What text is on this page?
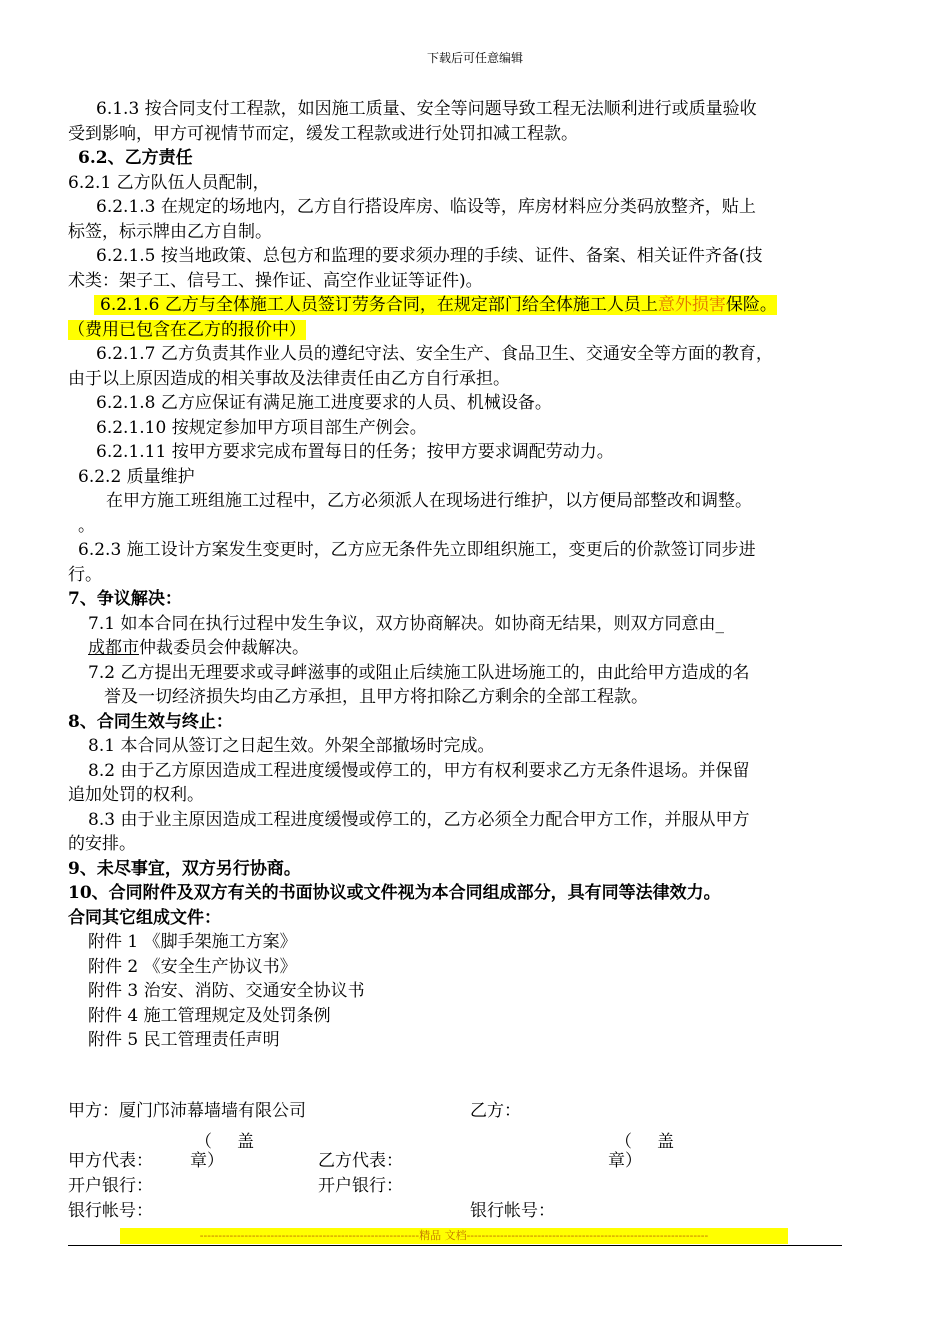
下载后可任意编辑

6.1.3 按合同支付工程款，如因施工质量、安全等问题导致工程无法顺利进行或质量验收

受到影响，甲方可视情节而定，缓发工程款或进行处罚扣减工程款。

6.2、乙方责任

6.2.1 乙方队伍人员配制，

6.2.1.3 在规定的场地内，乙方自行搭设库房、临设等，库房材料应分类码放整齐，贴上

标签，标示牌由乙方自制。

6.2.1.5 按当地政策、总包方和监理的要求须办理的手续、证件、备案、相关证件齐备(技

术类：架子工、信号工、操作证、高空作业证等证件)。

6.2.1.6 乙方与全体施工人员签订劳务合同，在规定部门给全体施工人员上意外损害保险。

（费用已包含在乙方的报价中）

6.2.1.7 乙方负责其作业人员的遵纪守法、安全生产、食品卫生、交通安全等方面的教育，

由于以上原因造成的相关事故及法律责任由乙方自行承担。

6.2.1.8 乙方应保证有满足施工进度要求的人员、机械设备。

6.2.1.10 按规定参加甲方项目部生产例会。

6.2.1.11 按甲方要求完成布置每日的任务；按甲方要求调配劳动力。

6.2.2 质量维护

在甲方施工班组施工过程中，乙方必须派人在现场进行维护，以方便局部整改和调整。

。

6.2.3 施工设计方案发生变更时，乙方应无条件先立即组织施工，变更后的价款签订同步进

行。

7、争议解决：

7.1 如本合同在执行过程中发生争议，双方协商解决。如协商无结果，则双方同意由_

成都市仲裁委员会仲裁解决。

7.2 乙方提出无理要求或寻衅滋事的或阻止后续施工队进场施工的，由此给甲方造成的名

誉及一切经济损失均由乙方承担，且甲方将扣除乙方剩余的全部工程款。

8、合同生效与终止：

8.1 本合同从签订之日起生效。外架全部撤场时完成。

8.2 由于乙方原因造成工程进度缓慢或停工的，甲方有权利要求乙方无条件退场。并保留

追加处罚的权利。

8.3 由于业主原因造成工程进度缓慢或停工的，乙方必须全力配合甲方工作，并服从甲方

的安排。

9、未尽事宜，双方另行协商。

10、合同附件及双方有关的书面协议或文件视为本合同组成部分，具有同等法律效力。

合同其它组成文件：

附件 1 《脚手架施工方案》

附件 2 《安全生产协议书》

附件 3 治安、消防、交通安全协议书

附件 4 施工管理规定及处罚条例

附件 5 民工管理责任声明

甲方：厦门邝沛幕墙墙有限公司	乙方：
（ 盖
章）
（ 盖
章）
甲方代表：	乙方代表：
开户银行：	开户银行：
银行帐号：	银行帐号：
-----------------------------------------------------------精品 文档-----------------------------------------------------------------
